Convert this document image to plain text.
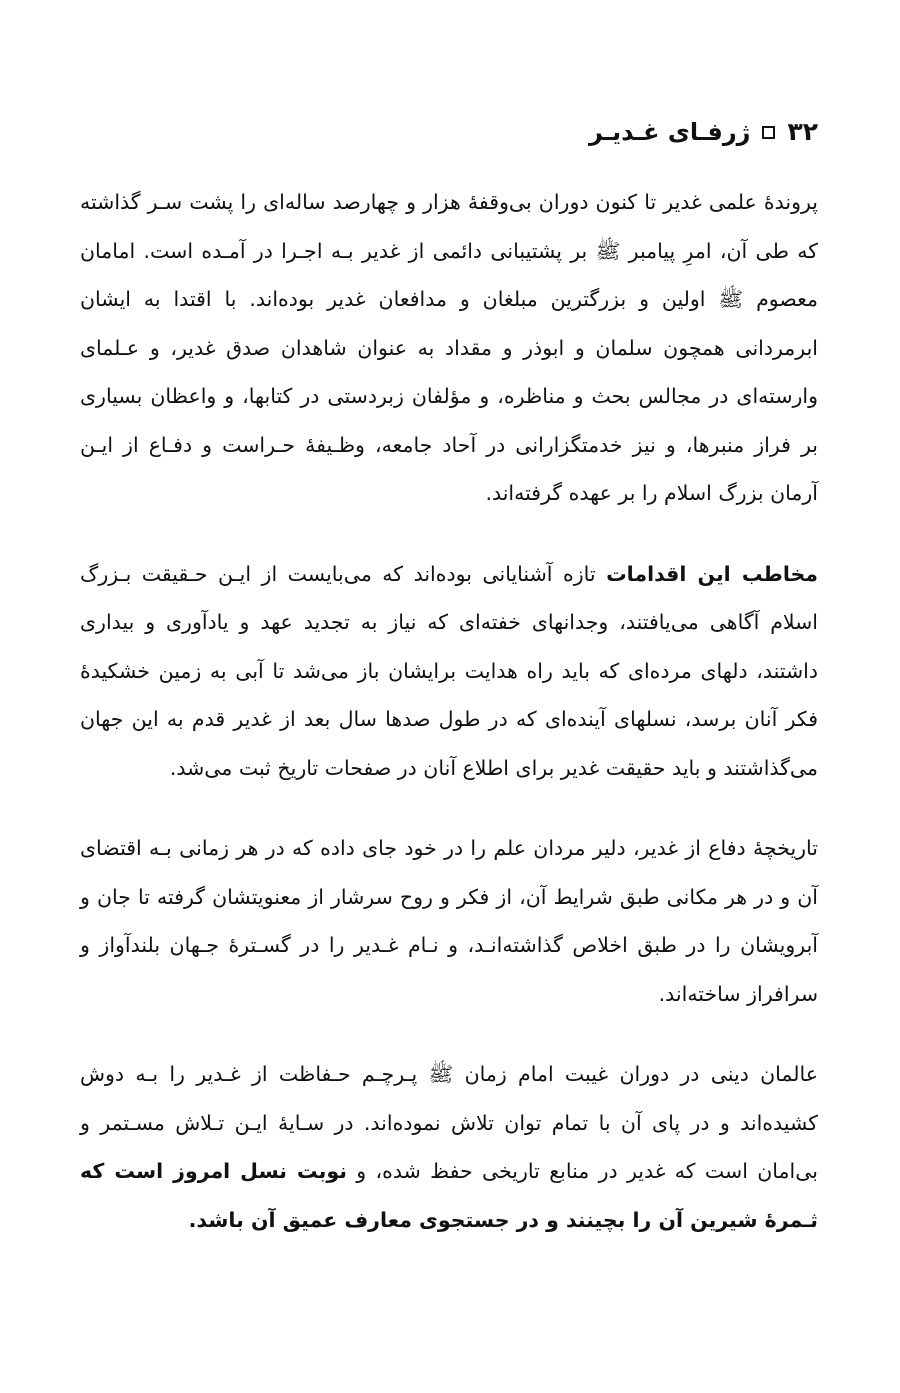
۳۲
ژرفـای غـدیـر

پروندهٔ علمی غدیر تا کنون دوران بی‌وقفهٔ هزار و چهارصد ساله‌ای را پشت سـر گذاشته که طی آن، امرِ پیامبر ﷺ بر پشتیبانی دائمی از غدیر بـه اجـرا در آمـده است. امامان معصوم ﷺ اولین و بزرگترین مبلغان و مدافعان غدیر بوده‌اند. با اقتدا به ایشان ابرمردانی همچون سلمان و ابوذر و مقداد به عنوان شاهدان صدق غدیر، و عـلمای وارسته‌ای در مجالس بحث و مناظره، و مؤلفان زبردستی در کتابها، و واعظان بسیاری بر فراز منبرها، و نیز خدمتگزارانی در آحاد جامعه، وظـیفهٔ حـراست و دفـاع از ایـن آرمان بزرگ اسلام را بر عهده گرفته‌اند.

مخاطب این اقدامات تازه آشنایانی بوده‌اند که می‌بایست از ایـن حـقیقت بـزرگ اسلام آگاهی می‌یافتند، وجدانهای خفته‌ای که نیاز به تجدید عهد و یادآوری و بیداری داشتند، دلهای مرده‌ای که باید راه هدایت برایشان باز می‌شد تا آبی به زمین خشکیدهٔ فکر آنان برسد، نسلهای آینده‌ای که در طول صدها سال بعد از غدیر قدم به این جهان می‌گذاشتند و باید حقیقت غدیر برای اطلاع آنان در صفحات تاریخ ثبت می‌شد.

تاریخچهٔ دفاع از غدیر، دلیر مردان علم را در خود جای داده که در هر زمانی بـه اقتضای آن و در هر مکانی طبق شرایط آن، از فکر و روح سرشار از معنویتشان گرفته تا جان و آبرویشان را در طبق اخلاص گذاشته‌انـد، و نـام غـدیر را در گسـترهٔ جـهان بلندآواز و سرافراز ساخته‌اند.

عالمان دینی در دوران غیبت امام زمان ﷺ پـرچـم حـفاظت از غـدیر را بـه دوش کشیده‌اند و در پای آن با تمام توان تلاش نموده‌اند. در سـایهٔ ایـن تـلاش مسـتمر و بی‌امان است که غدیر در منابع تاریخی حفظ شده، و نوبت نسل امروز است که ثـمرهٔ شیرین آن را بچینند و در جستجوی معارف عمیق آن باشد.
